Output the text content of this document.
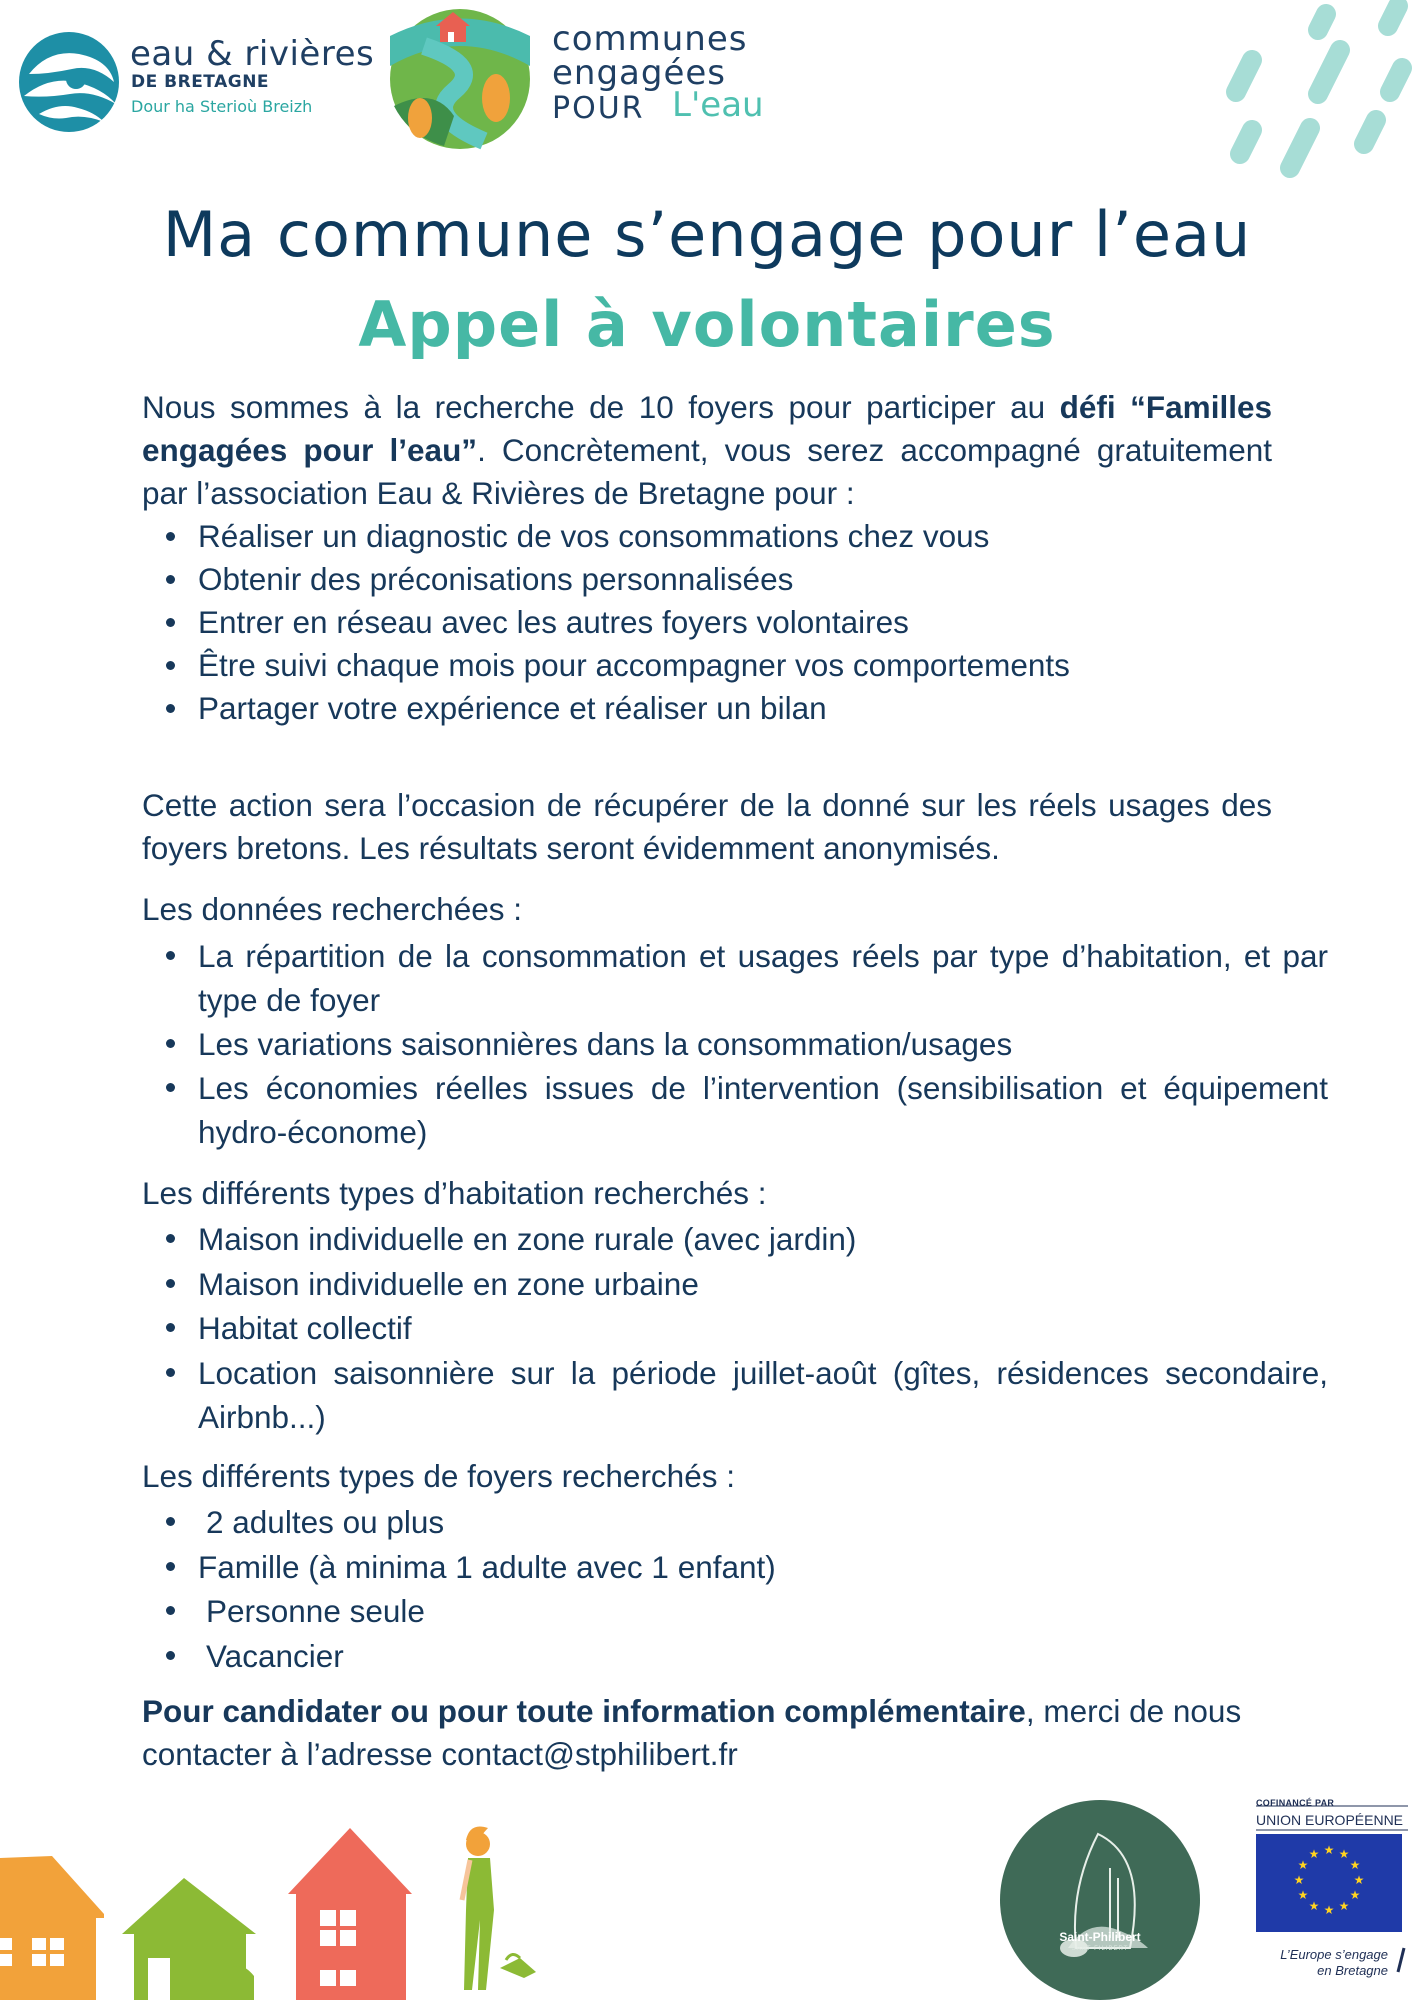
eau & rivières
DE BRETAGNE
Dour ha Sterioù Breizh
communes
engagées
POUR L'eau
Ma commune s’engage pour l’eau
Appel à volontaires
Nous sommes à la recherche de 10 foyers pour participer au défi “Familles engagées pour l’eau”. Concrètement, vous serez accompagné gratuitement par l’association Eau & Rivières de Bretagne pour :
Réaliser un diagnostic de vos consommations chez vous
Obtenir des préconisations personnalisées
Entrer en réseau avec les autres foyers volontaires
Être suivi chaque mois pour accompagner vos comportements
Partager votre expérience et réaliser un bilan
Cette action sera l’occasion de récupérer de la donné sur les réels usages des foyers bretons. Les résultats seront évidemment anonymisés.
Les données recherchées :
La répartition de la consommation et usages réels par type d’habitation, et par type de foyer
Les variations saisonnières dans la consommation/usages
Les économies réelles issues de l’intervention (sensibilisation et équipement hydro-économe)
Les différents types d’habitation recherchés :
Maison individuelle en zone rurale (avec jardin)
Maison individuelle en zone urbaine
Habitat collectif
Location saisonnière sur la période juillet-août (gîtes, résidences secondaire, Airbnb...)
Les différents types de foyers recherchés :
2 adultes ou plus
Famille (à minima 1 adulte avec 1 enfant)
Personne seule
Vacancier
Pour candidater ou pour toute information complémentaire, merci de nous contacter à l’adresse contact@stphilibert.fr
Saint-Philibert
SANT FILIBERT
★ ★
★
★
★
★
★
★
★
★
★
★
COFINANCÉ PAR
UNION EUROPÉENNE
L’Europe s’engage
en Bretagne
